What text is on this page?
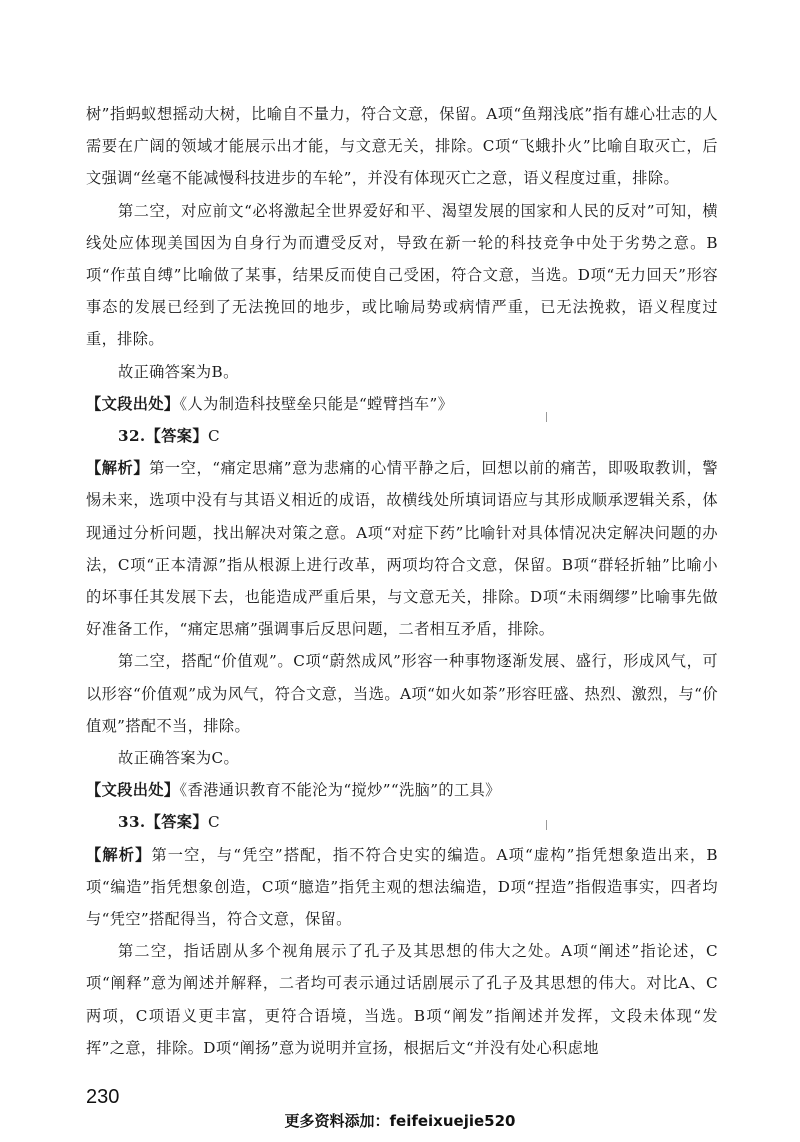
树”指蚂蚁想摇动大树，比喻自不量力，符合文意，保留。A项“鱼翔浅底”指有雄心壮志的人需要在广阔的领域才能展示出才能，与文意无关，排除。C项“飞蛾扑火”比喻自取灭亡，后文强调“丝毫不能减慢科技进步的车轮”，并没有体现灭亡之意，语义程度过重，排除。

第二空，对应前文“必将激起全世界爱好和平、渴望发展的国家和人民的反对”可知，横线处应体现美国因为自身行为而遭受反对，导致在新一轮的科技竞争中处于劣势之意。B项“作茧自缚”比喻做了某事，结果反而使自己受困，符合文意，当选。D项“无力回天”形容事态的发展已经到了无法挽回的地步，或比喻局势或病情严重，已无法挽救，语义程度过重，排除。

故正确答案为B。

【文段出处】《人为制造科技壁垒只能是“螳臂挡车”》

32.【答案】C

【解析】第一空，“痛定思痛”意为悲痛的心情平静之后，回想以前的痛苦，即吸取教训，警惕未来，选项中没有与其语义相近的成语，故横线处所填词语应与其形成顺承逻辑关系，体现通过分析问题，找出解决对策之意。A项“对症下药”比喻针对具体情况决定解决问题的办法，C项“正本清源”指从根源上进行改革，两项均符合文意，保留。B项“群轻折轴”比喻小的坏事任其发展下去，也能造成严重后果，与文意无关，排除。D项“未雨绸缪”比喻事先做好准备工作，“痛定思痛”强调事后反思问题，二者相互矛盾，排除。

第二空，搭配“价值观”。C项“蔚然成风”形容一种事物逐渐发展、盛行，形成风气，可以形容“价值观”成为风气，符合文意，当选。A项“如火如荼”形容旺盛、热烈、激烈，与“价值观”搭配不当，排除。

故正确答案为C。

【文段出处】《香港通识教育不能沦为“搅炒”“洗脑”的工具》

33.【答案】C

【解析】第一空，与“凭空”搭配，指不符合史实的编造。A项“虚构”指凭想象造出来，B项“编造”指凭想象创造，C项“臆造”指凭主观的想法编造，D项“捏造”指假造事实，四者均与“凭空”搭配得当，符合文意，保留。

第二空，指话剧从多个视角展示了孔子及其思想的伟大之处。A项“阐述”指论述，C项“阐释”意为阐述并解释，二者均可表示通过话剧展示了孔子及其思想的伟大。对比A、C两项，C项语义更丰富，更符合语境，当选。B项“阐发”指阐述并发挥，文段未体现“发挥”之意，排除。D项“阐扬”意为说明并宣扬，根据后文“并没有处心积虑地

230
更多资料添加：feifeixuejie520
